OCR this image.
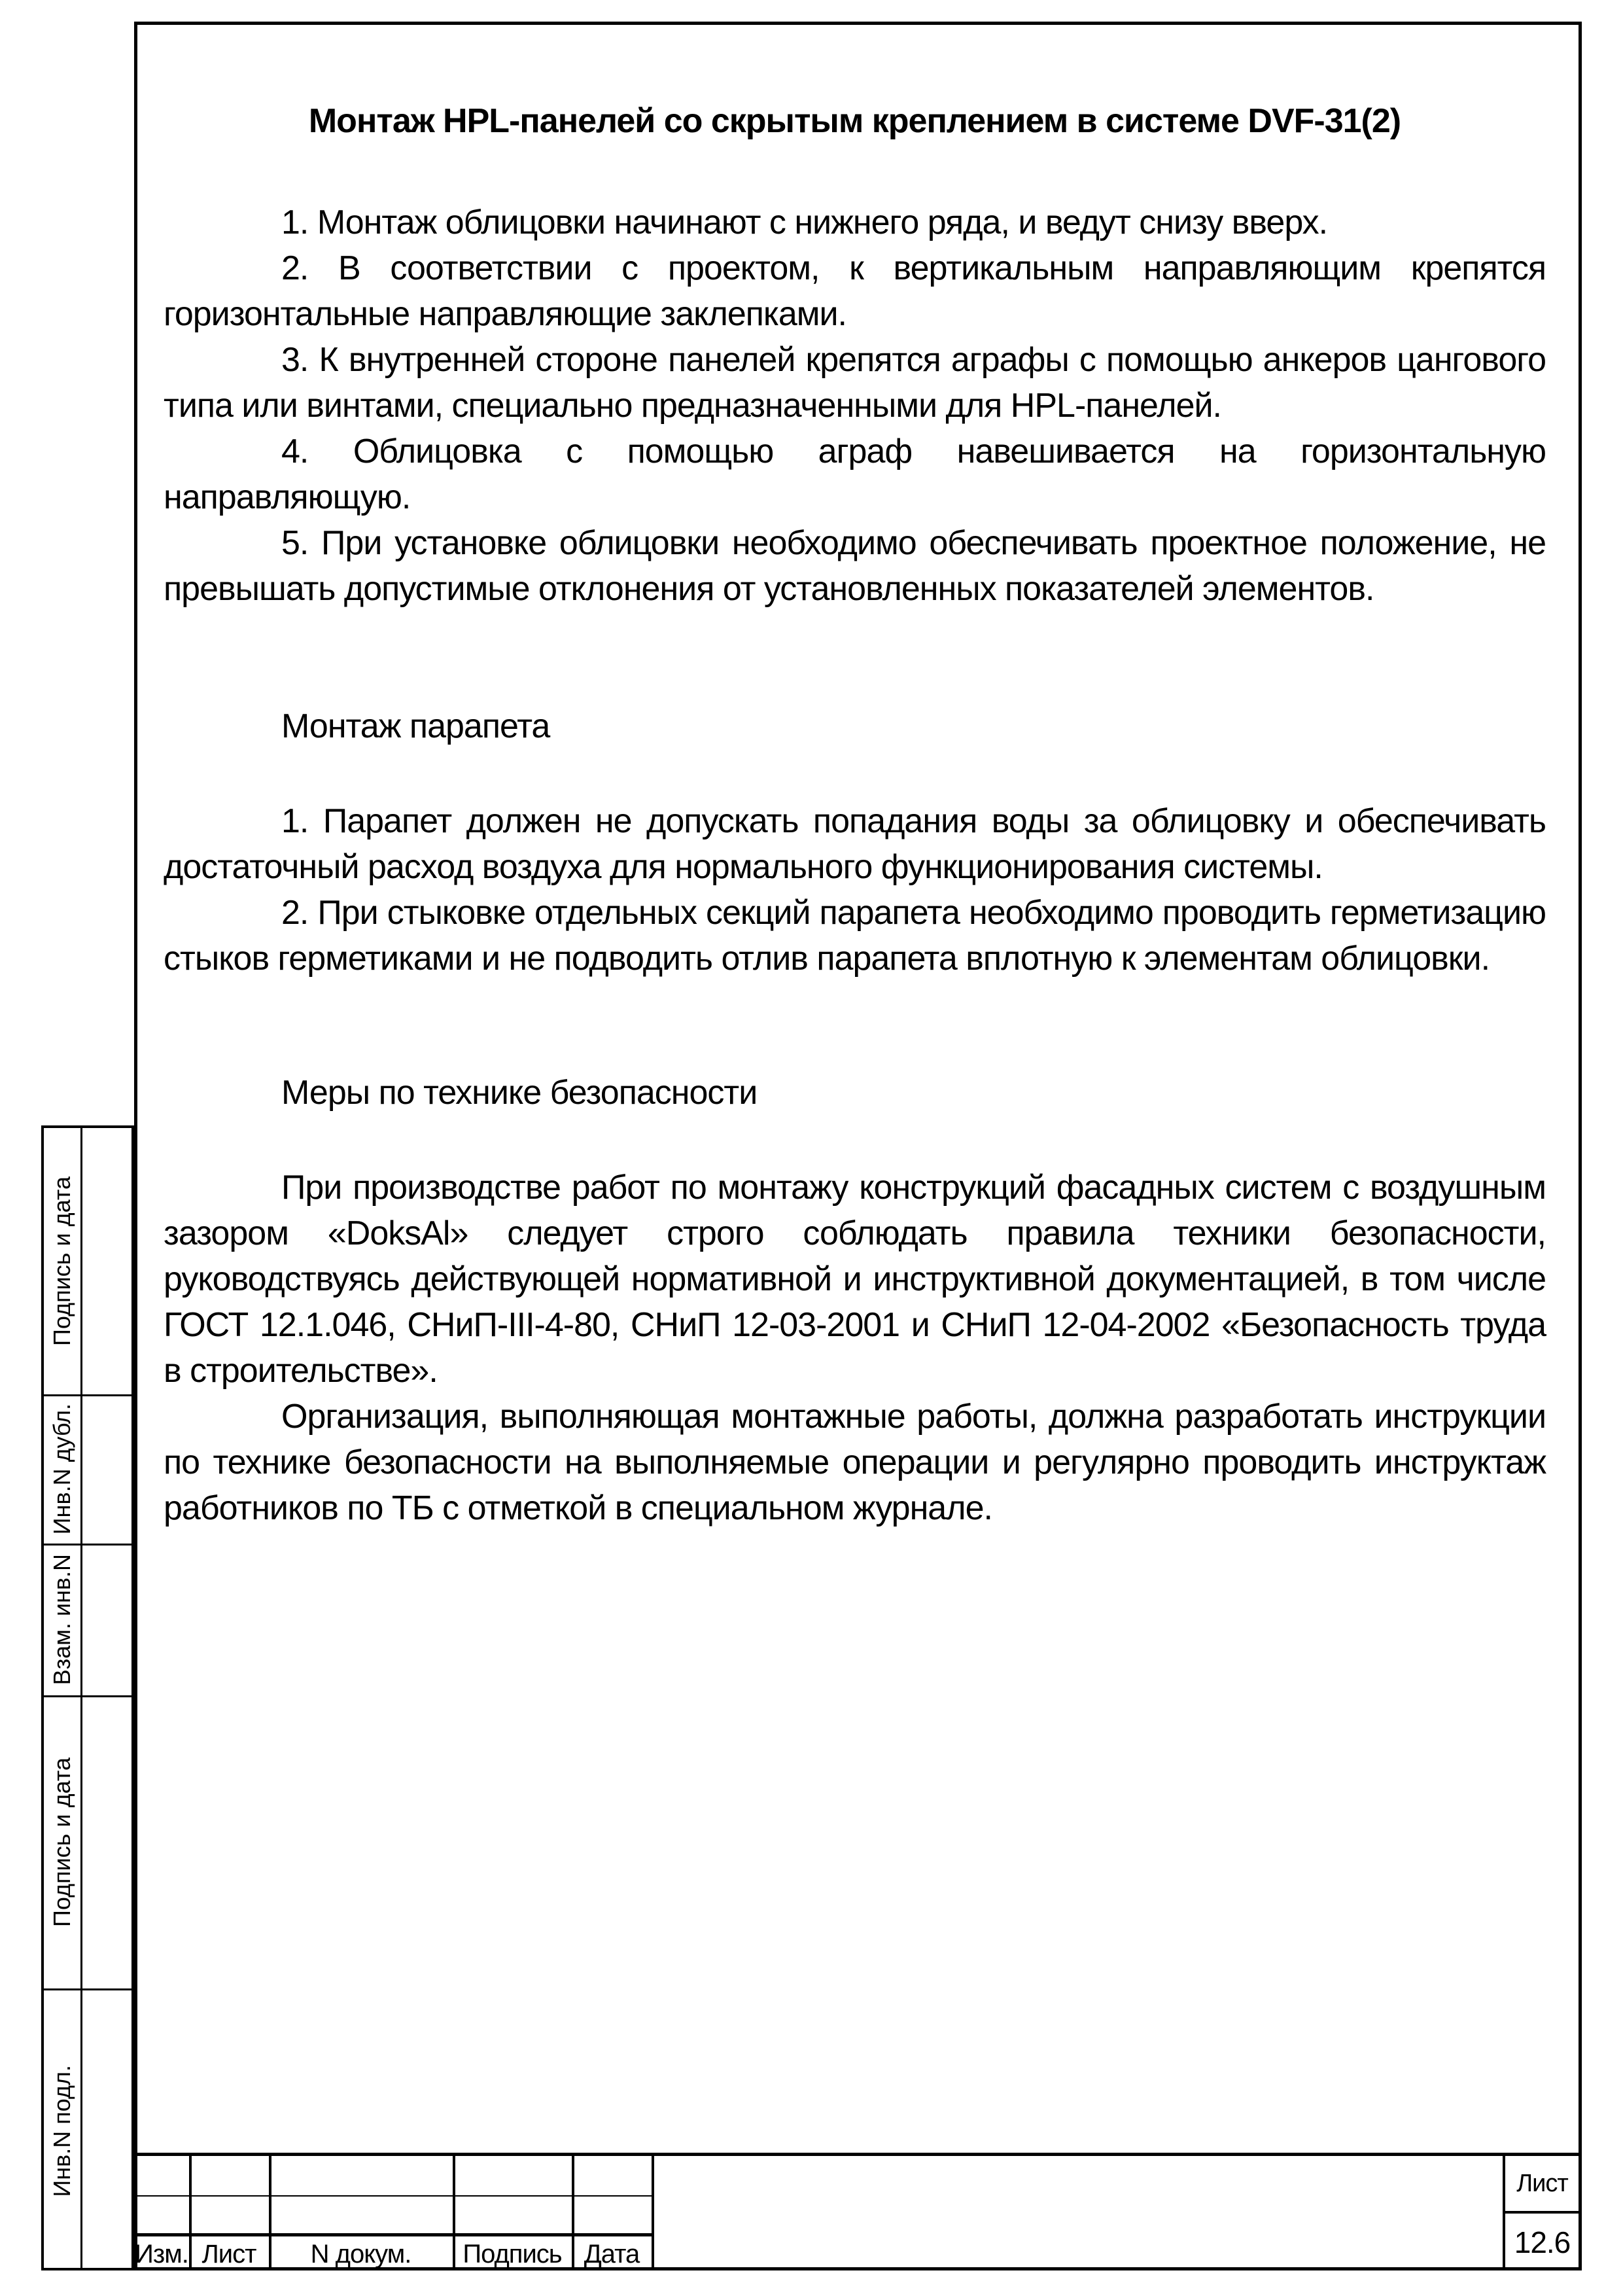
Монтаж HPL-панелей со скрытым креплением в системе DVF-31(2)

1. Монтаж облицовки начинают с нижнего ряда, и ведут снизу вверх.

2. В соответствии с проектом, к вертикальным направляющим крепятся горизонтальные направляющие заклепками.

3. К внутренней стороне панелей крепятся аграфы с помощью анкеров цангового типа или винтами, специально предназначенными для HPL-панелей.

4. Облицовка с помощью аграф навешивается на горизонтальную направляющую.

5. При установке облицовки необходимо обеспечивать проектное положение, не превышать допустимые отклонения от установленных показателей элементов.

Монтаж парапета

1. Парапет должен не допускать попадания воды за облицовку и обеспечивать достаточный расход воздуха для нормального функционирования системы.

2. При стыковке отдельных секций парапета необходимо проводить герметизацию стыков герметиками и не подводить отлив парапета вплотную к элементам облицовки.

Меры по технике безопасности

При производстве работ по монтажу конструкций фасадных систем с воздушным зазором «DoksAl» следует строго соблюдать правила техники безопасности, руководствуясь действующей нормативной и инструктивной документацией, в том числе ГОСТ 12.1.046, СНиП-III-4-80, СНиП 12-03-2001 и СНиП 12-04-2002 «Безопасность труда в строительстве».

Организация, выполняющая монтажные работы, должна разработать инструкции по технике безопасности на выполняемые операции и регулярно проводить инструктаж работников по ТБ с отметкой в специальном журнале.

Подпись и дата
Инв.N дубл.
Взам. инв.N
Подпись и дата
Инв.N подл.
Изм. Лист	N докум.	Подпись Дата
Лист
12.6
